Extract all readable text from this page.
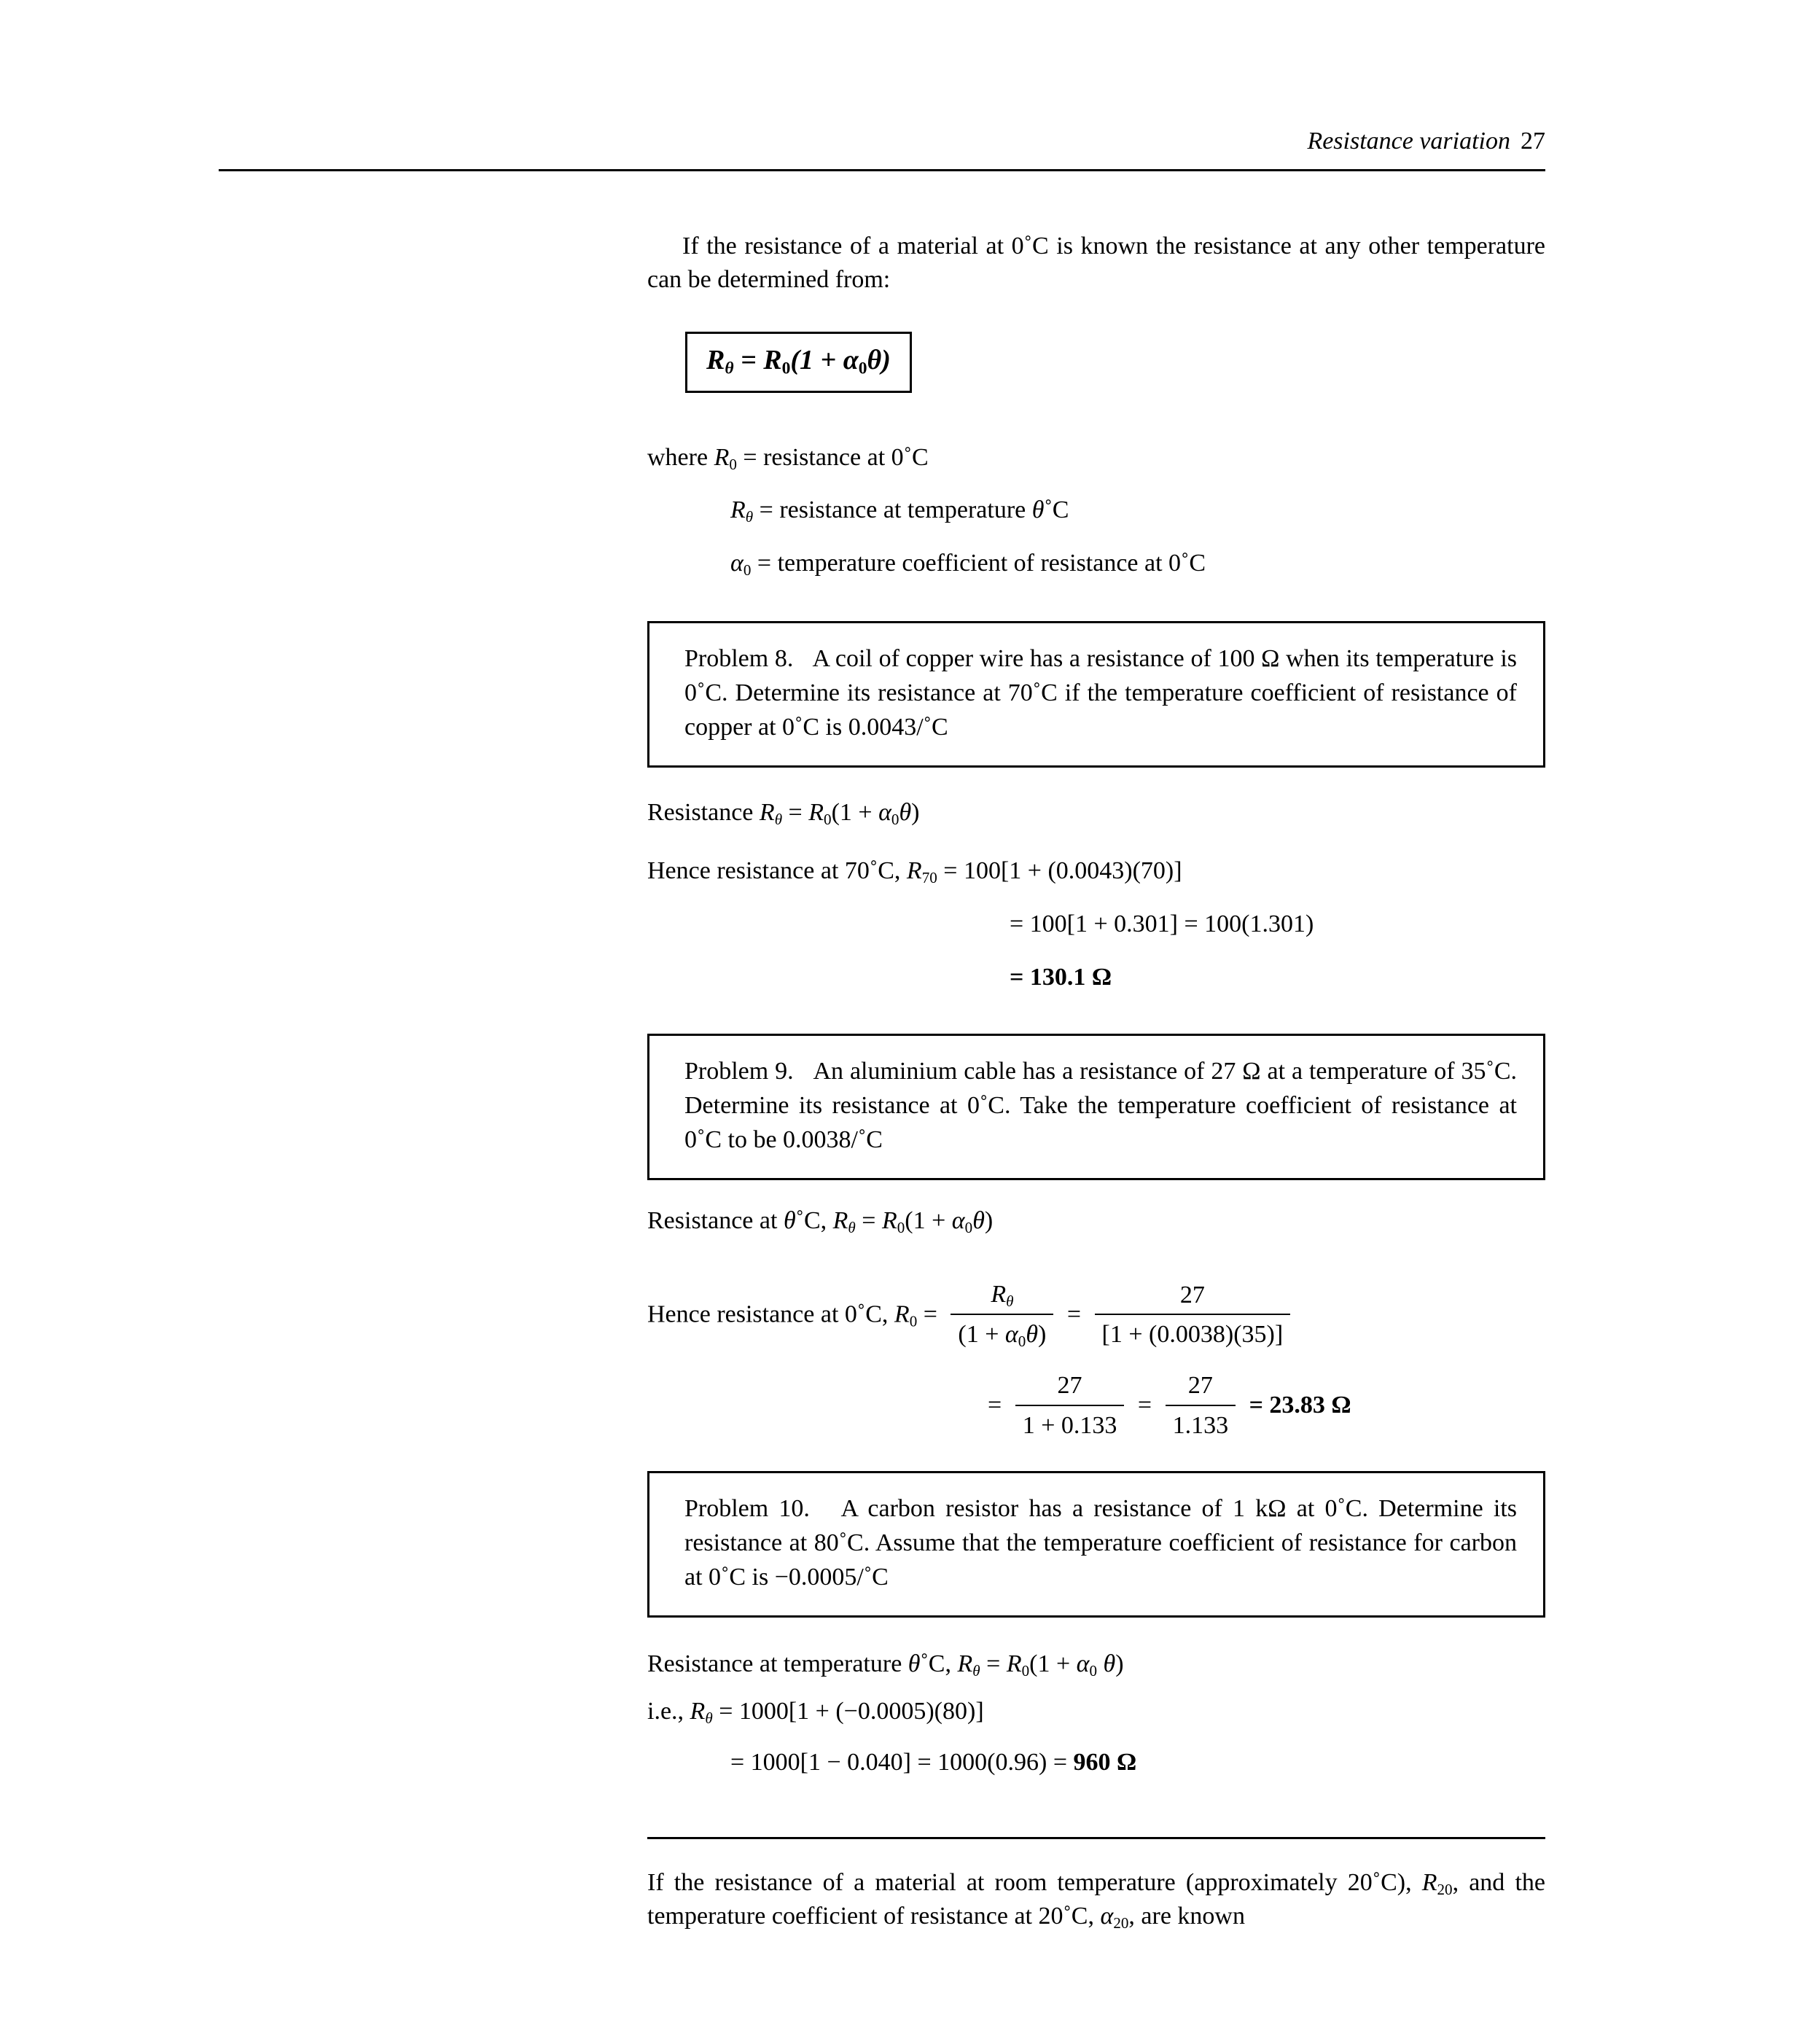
Resistance variation 27
If the resistance of a material at 0˚C is known the resistance at any other temperature can be determined from:
$R_\theta = R_0(1 + \alpha_0\theta)$
where $R_0$ = resistance at 0˚C
$R_\theta$ = resistance at temperature θ˚C
$\alpha_0$ = temperature coefficient of resistance at 0˚C
Problem 8. A coil of copper wire has a resistance of 100 Ω when its temperature is 0˚C. Determine its resistance at 70˚C if the temperature coefficient of resistance of copper at 0˚C is 0.0043/˚C
Resistance $R_\theta = R_0(1 + \alpha_0\theta)$
Hence resistance at 70˚C, $R_{70} = 100[1 + (0.0043)(70)]$
= 100[1 + 0.301] = 100(1.301)
= 130.1 Ω
Problem 9. An aluminium cable has a resistance of 27 Ω at a temperature of 35˚C. Determine its resistance at 0˚C. Take the temperature coefficient of resistance at 0˚C to be 0.0038/˚C
Resistance at θ˚C, $R_\theta = R_0(1 + \alpha_0\theta)$
Hence resistance at 0˚C, $R_0 = \frac{R_\theta}{(1 + \alpha_0\theta)} = \frac{27}{[1 + (0.0038)(35)]}$
= $\frac{27}{1 + 0.133} = \frac{27}{1.133} = 23.83$ Ω
Problem 10. A carbon resistor has a resistance of 1 kΩ at 0˚C. Determine its resistance at 80˚C. Assume that the temperature coefficient of resistance for carbon at 0˚C is −0.0005/˚C
Resistance at temperature θ˚C, $R_\theta = R_0(1 + \alpha_0$ θ)
i.e., $R_\theta = 1000[1 + (-0.0005)(80)]$
= 1000[1 − 0.040] = 1000(0.96) = 960 Ω
If the resistance of a material at room temperature (approximately 20˚C), $R_{20}$, and the temperature coefficient of resistance at 20˚C, $\alpha_{20}$, are known
